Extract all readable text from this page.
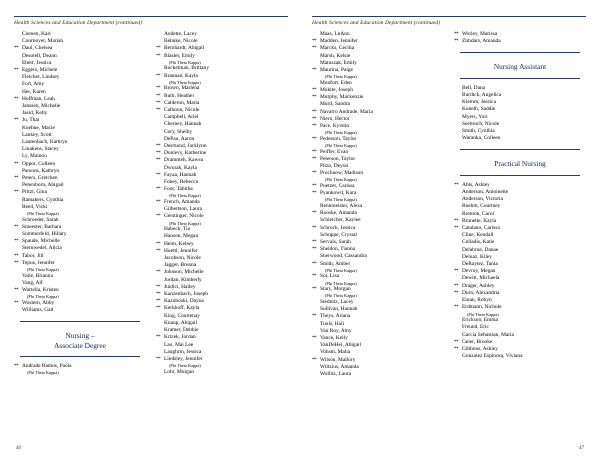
Health Sciences and Education Department (continued)
Coenen, Kari
Cournoyer, Mariah
** Daul, Chelsea
Desotell, Deann
Ebert, Jessica
** Eggers, Michele
Fletcher, Lindsey
Fort, Amy
Her, Karen
** Hoffman, Leah
Janssen, Michelle
Jasid, Kelly
** Ju, Thai
Kuehne, Macie
Lankey, Scott
Lautenbach, Kathryn
Linakens, Stacey
Ly, Mainou
** Oppor, Colleen
Parsons, Kathryn
** Peters, Gretchen
Petersborn, Abigail
** Pritzl, Gina
Ramakers, Cynthia
Reed, Vicki
(Phi Theta Kappa)
Schroeder, Sarah
** Smeester, Barbara
Sommerfeld, Hillary
** Spaude, Michelle
Sternwedel, Alicia
** Tabor, Jill
** Tepus, Jennifer
(Phi Theta Kappa)
Vaile, Brianna
Vang, Alf
** Wartella, Kristen
(Phi Theta Kappa)
** Wostern, Abby
Williams, Gail
Nursing –
Associate Degree
** Andrade Ramos, Paola
(Phi Theta Kappa)
Audette, Lacey
Behnke, Nicole
** Bernhardt, Abigail
** Blaster, Emily
(Phi Theta Kappa)
Bockelman, Brittany
** Brannan, Kayla
(Phi Theta Kappa)
** Brown, Marlena
** Buth, Heather
** Calderon, Maria
** Calhoun, Nicole
Campbell, Ariel
Cherney, Hannah
Cory, Shelby
DePau, Aaron
** Desmond, Jacklynn
** Donlevy, Katherine
** Drammeh, Kawsu
Dworak, Kayla
** Fayaa, Hannah
Fohey, Rebecca
** Foor, Tabitha
(Phi Theta Kappa)
** French, Amanda
Gilbertson, Laura
** Gerstinger, Nicole
(Phi Theta Kappa)
Habeck, Tia
Hanson, Megan
** Heim, Kelsey
** Huettl, Jennifer
Jacobson, Nicole
Jagger, Brenna
** Johnson, Michelle
Jordan, Kimberly
** Juidici, Hailey
** Kanzenbach, Joseph
** Kazuboski, Dayna
** Kerkhoff, Kayla
King, Courtenay
Knaup, Abigail
Kramer, Debbie
** Krizek, Jordan
Lao, Mai Lee
Laughrin, Jessica
** Lindsley, Jennifer
(Phi Theta Kappa)
Lohr, Morgan
46
Health Sciences and Education Department (continued)
Maas, LuAnn
** Madden, Jennifer
** Marcks, Cecilia
Marsh, Kelsie
Matuszak, Emily
** Maurina, Paige
(Phi Theta Kappa)
Monfort, Eden
** Mukite, Joseph
** Murphy, Mackenzie
Muril, Sandra
** Navarro Andrade, Maria
** Niero, Hector
** Pace, Kyrstin
(Phi Theta Kappa)
** Pederson, Taylor
(Phi Theta Kappa)
** Peiffer, Evan
** Peterson, Taylor
Pitzo, Deyssi
** Prochnow, Madison
(Phi Theta Kappa)
** Puetzer, Carissa
** Pyankowit, Kara
(Phi Theta Kappa)
Rennmeister, Alexa
** Rooske, Amanda
Schleicher, Kaylee
** Schrock, Jessica
Schuppe, Crystal
** Servais, Sarah
** Sheldon, Tianna
Sherwood, Cassandra
** Smith, Amber
(Phi Theta Kappa)
** Sot, Lisa
(Phi Theta Kappa)
** Stary, Morgan
(Phi Theta Kappa)
Stednitz, Lacey
Sullivan, Hannah
** Theys, Ariana
Tuuls, Hali
Van Roy, Amy
** Vance, Kelly
VanDeHei, Abigail
Vohsm, Malia
** Wilson, Mallory
Wiltzius, Amanda
Wollitz, Laura
** Worley, Marissa
** Zimdars, Amanda
Nursing Assistant
Bell, Dana
Burdick, Angelica
Klemm, Jessica
Kuneth, Saddie
Myers, Yori
Seebruch, Nicole
Smith, Cynthia
Waranka, Colleen
Practical Nursing
** Abts, Ashley
Anderson, Antoinette
Anderson, Victoria
Boehm, Courtney
Brenton, Carol
** Brunette, Kayla
** Catalano, Carissa
Cline, Kendall
Colladis, Katie
Delabrue, Danae
Deluaz, Kiley
DeRaytez, Tania
** Devroy, Megan
Dewitt, Michaela
** Drager, Ashley
** Durn, Alexandria
Einan, Robyn
** Erdmann, Nichole
(Phi Theta Kappa)
Erickson, Emma
Freund, Eric
Garcia Sebastian, Maria
** Geier, Brooke
** Gibbons, Ashley
Gonzalez Espinosa, Viviana
47
